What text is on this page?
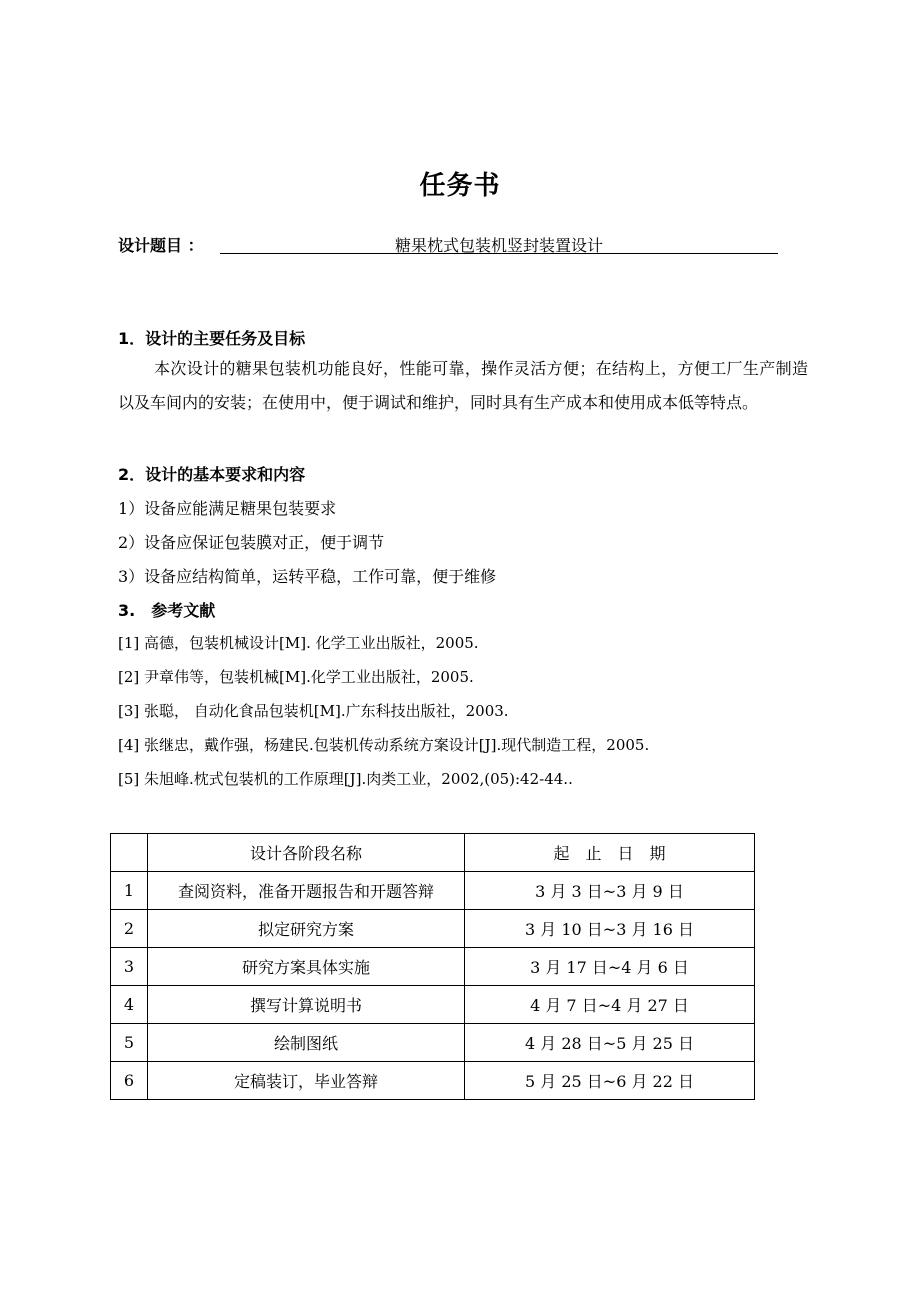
任务书
设计题目 ：	糖果枕式包装机竖封装置设计
1．设计的主要任务及目标

本次设计的糖果包装机功能良好，性能可靠，操作灵活方便；在结构上，方便工厂生产制造以及车间内的安装；在使用中，便于调试和维护，同时具有生产成本和使用成本低等特点。

2．设计的基本要求和内容
1）设备应能满足糖果包装要求
2）设备应保证包装膜对正，便于调节
3）设备应结构简单，运转平稳，工作可靠，便于维修
3.　参考文献
[1] 高德，包装机械设计[M]. 化学工业出版社，2005.
[2] 尹章伟等，包装机械[M].化学工业出版社，2005.
[3] 张聪， 自动化食品包装机[M].广东科技出版社，2003.
[4] 张继忠，戴作强，杨建民.包装机传动系统方案设计[J].现代制造工程，2005.
[5] 朱旭峰.枕式包装机的工作原理[J].肉类工业，2002,(05):42-44..
	设计各阶段名称	起　止　日　期
1	查阅资料，准备开题报告和开题答辩	3 月 3 日~3 月 9 日
2	拟定研究方案	3 月 10 日~3 月 16 日
3	研究方案具体实施	3 月 17 日~4 月 6 日
4	撰写计算说明书	4 月 7 日~4 月 27 日
5	绘制图纸	4 月 28 日~5 月 25 日
6	定稿装订，毕业答辩	5 月 25 日~6 月 22 日
